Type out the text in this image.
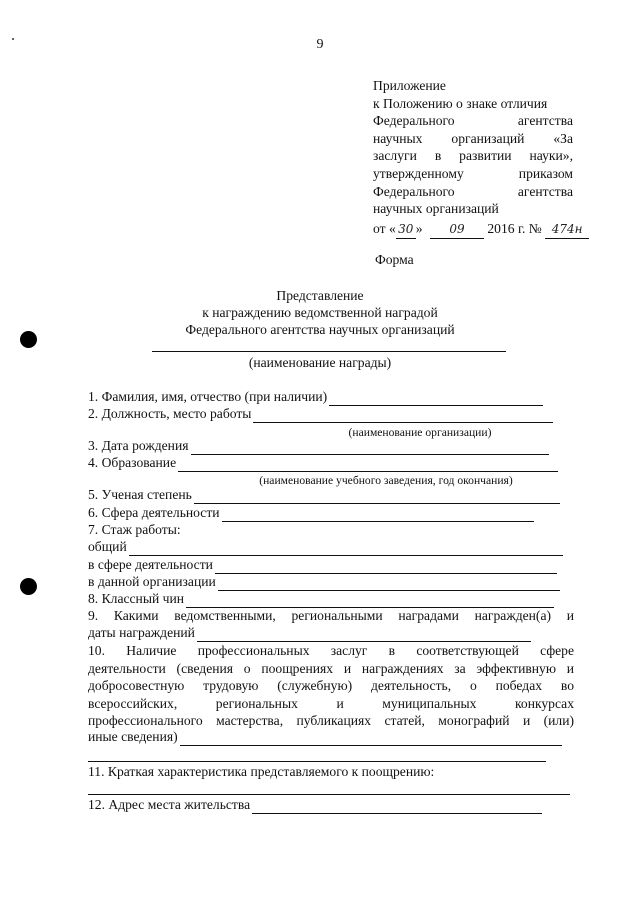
9
Приложение
к Положению о знаке отличия
Федерального агентства
научных организаций «За
заслуги в развитии науки»,
утвержденному приказом
Федерального агентства
научных организаций
от « 30 » 09 2016 г. № 474н
Форма
Представление
к награждению ведомственной наградой
Федерального агентства научных организаций
(наименование награды)
1. Фамилия, имя, отчество (при наличии)
2. Должность, место работы
(наименование организации)
3. Дата рождения
4. Образование
(наименование учебного заведения, год окончания)
5. Ученая степень
6. Сфера деятельности
7. Стаж работы:
общий
в сфере деятельности
в данной организации
8. Классный чин
9. Какими ведомственными, региональными наградами награжден(а) и
даты награждений
10. Наличие профессиональных заслуг в соответствующей сфере
деятельности (сведения о поощрениях и награждениях за эффективную и
добросовестную трудовую (служебную) деятельность, о победах во
всероссийских, региональных и муниципальных конкурсах
профессионального мастерства, публикациях статей, монографий и (или)
иные сведения)
11. Краткая характеристика представляемого к поощрению:
12. Адрес места жительства
